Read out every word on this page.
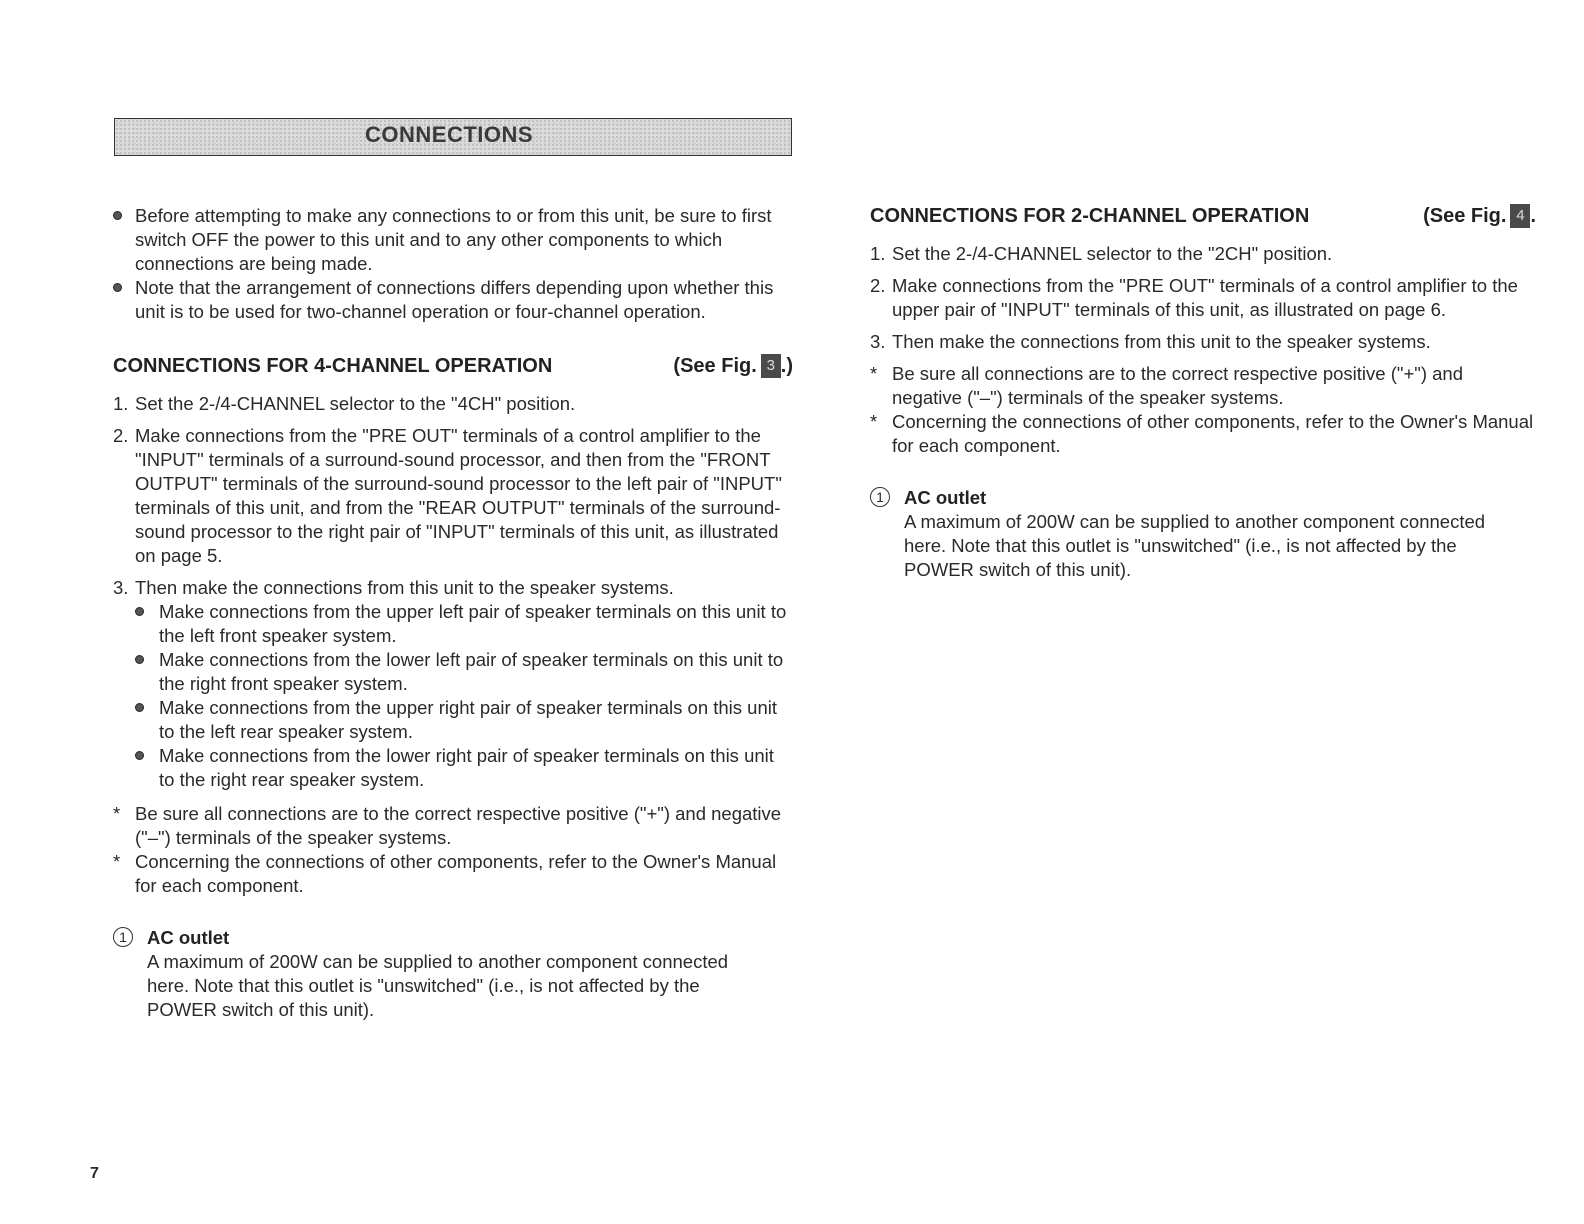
CONNECTIONS
Before attempting to make any connections to or from this unit, be sure to first switch OFF the power to this unit and to any other components to which connections are being made.
Note that the arrangement of connections differs depending upon whether this unit is to be used for two-channel operation or four-channel operation.
CONNECTIONS FOR 4-CHANNEL OPERATION	(See Fig. 3 .)
1. Set the 2-/4-CHANNEL selector to the "4CH" position.
2. Make connections from the "PRE OUT" terminals of a control amplifier to the "INPUT" terminals of a surround-sound processor, and then from the "FRONT OUTPUT" terminals of the surround-sound processor to the left pair of "INPUT" terminals of this unit, and from the "REAR OUTPUT" terminals of the surround-sound processor to the right pair of "INPUT" terminals of this unit, as illustrated on page 5.
3. Then make the connections from this unit to the speaker systems.
Make connections from the upper left pair of speaker terminals on this unit to the left front speaker system.
Make connections from the lower left pair of speaker terminals on this unit to the right front speaker system.
Make connections from the upper right pair of speaker terminals on this unit to the left rear speaker system.
Make connections from the lower right pair of speaker terminals on this unit to the right rear speaker system.
* Be sure all connections are to the correct respective positive ("+") and negative ("–") terminals of the speaker systems.
* Concerning the connections of other components, refer to the Owner's Manual for each component.
1	AC outlet
A maximum of 200W can be supplied to another component connected here. Note that this outlet is "unswitched" (i.e., is not affected by the POWER switch of this unit).
CONNECTIONS FOR 2-CHANNEL OPERATION	(See Fig. 4 .
1. Set the 2-/4-CHANNEL selector to the "2CH" position.
2. Make connections from the "PRE OUT" terminals of a control amplifier to the upper pair of "INPUT" terminals of this unit, as illustrated on page 6.
3. Then make the connections from this unit to the speaker systems.
* Be sure all connections are to the correct respective positive ("+") and negative ("–") terminals of the speaker systems.
* Concerning the connections of other components, refer to the Owner's Manual for each component.
1	AC outlet
A maximum of 200W can be supplied to another component connected here. Note that this outlet is "unswitched" (i.e., is not affected by the POWER switch of this unit).
7
